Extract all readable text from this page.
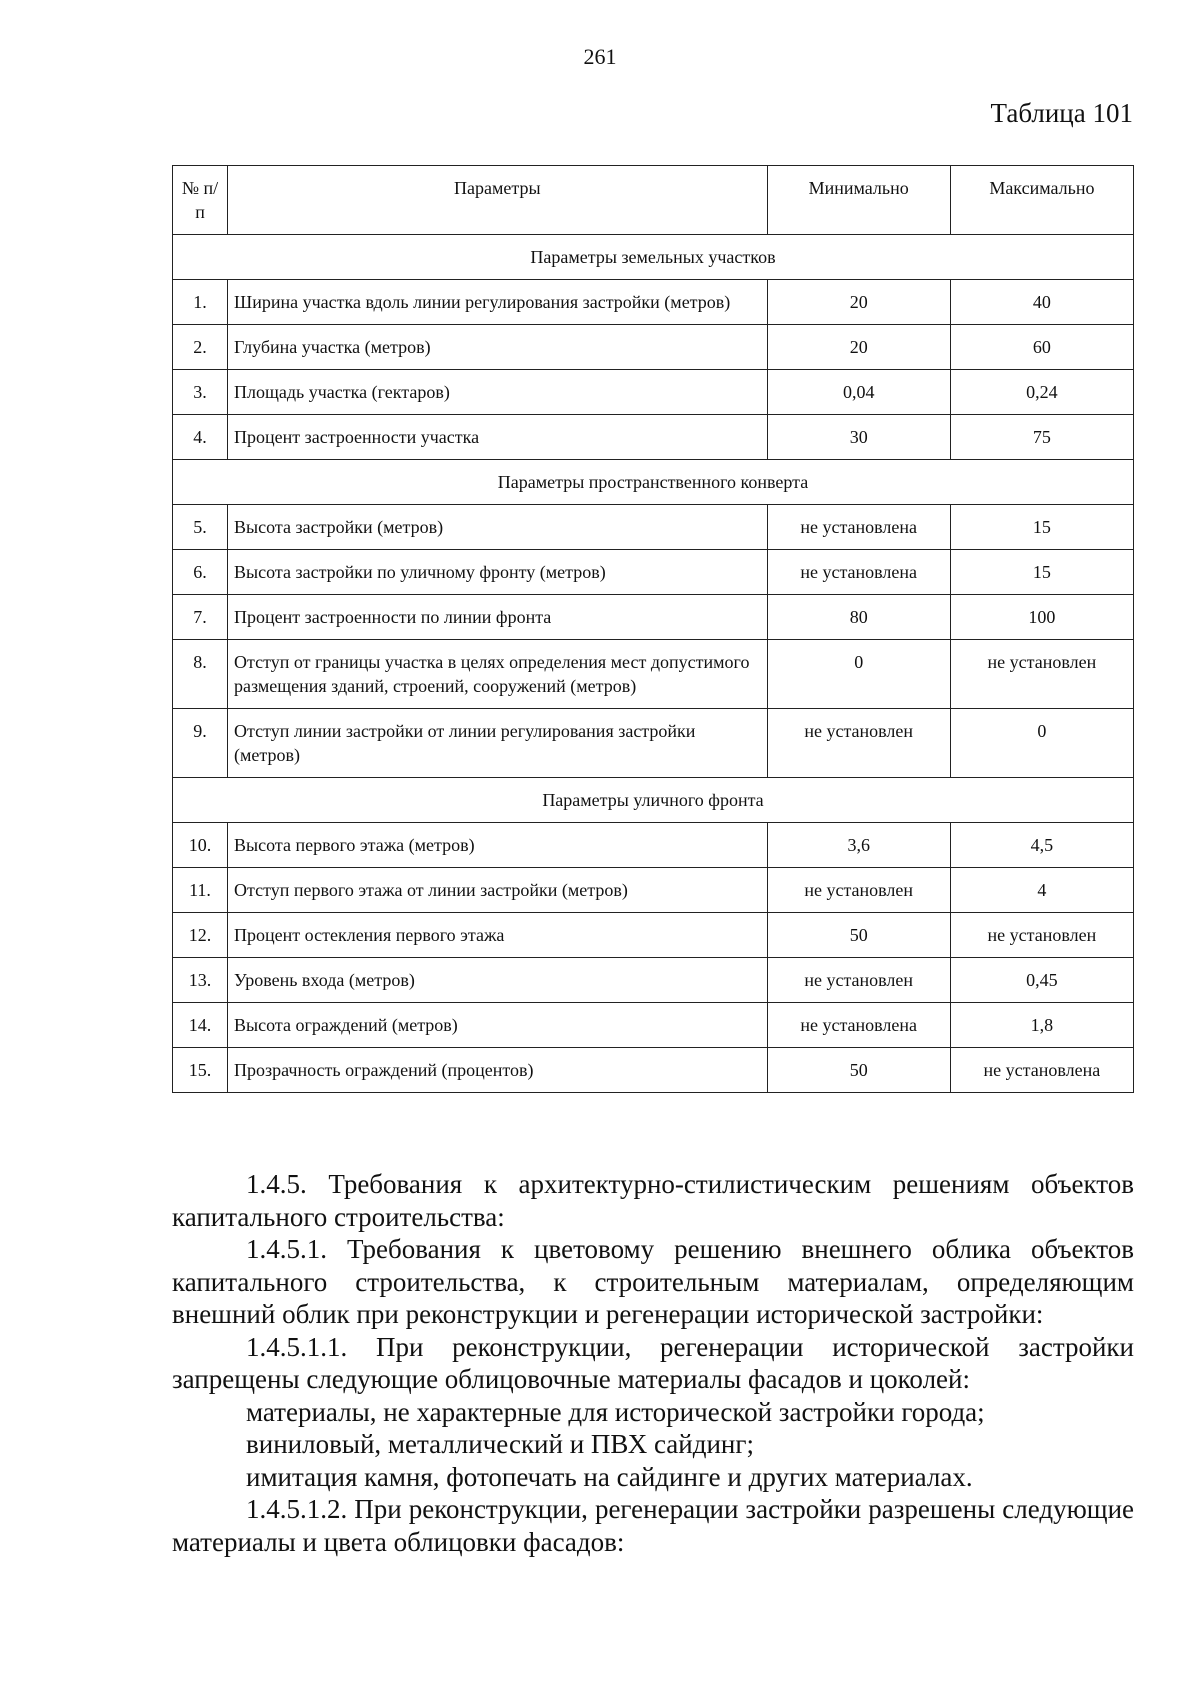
261
Таблица 101
№ п/п	Параметры	Минимально	Максимально
Параметры земельных участков			
1.	Ширина участка вдоль линии регулирования застройки (метров)	20	40
2.	Глубина участка (метров)	20	60
3.	Площадь участка (гектаров)	0,04	0,24
4.	Процент застроенности участка	30	75
Параметры пространственного конверта			
5.	Высота застройки (метров)	не установлена	15
6.	Высота застройки по уличному фронту (метров)	не установлена	15
7.	Процент застроенности по линии фронта	80	100
8.	Отступ от границы участка в целях определения мест допустимого размещения зданий, строений, сооружений (метров)	0	не установлен
9.	Отступ линии застройки от линии регулирования застройки (метров)	не установлен	0
Параметры уличного фронта			
10.	Высота первого этажа (метров)	3,6	4,5
11.	Отступ первого этажа от линии застройки (метров)	не установлен	4
12.	Процент остекления первого этажа	50	не установлен
13.	Уровень входа (метров)	не установлен	0,45
14.	Высота ограждений (метров)	не установлена	1,8
15.	Прозрачность ограждений (процентов)	50	не установлена

1.4.5. Требования к архитектурно-стилистическим решениям объектов капитального строительства:

1.4.5.1. Требования к цветовому решению внешнего облика объектов капитального строительства, к строительным материалам, определяющим внешний облик при реконструкции и регенерации исторической застройки:

1.4.5.1.1. При реконструкции, регенерации исторической застройки запрещены следующие облицовочные материалы фасадов и цоколей:

материалы, не характерные для исторической застройки города;

виниловый, металлический и ПВХ сайдинг;

имитация камня, фотопечать на сайдинге и других материалах.

1.4.5.1.2. При реконструкции, регенерации застройки разрешены следующие материалы и цвета облицовки фасадов:
